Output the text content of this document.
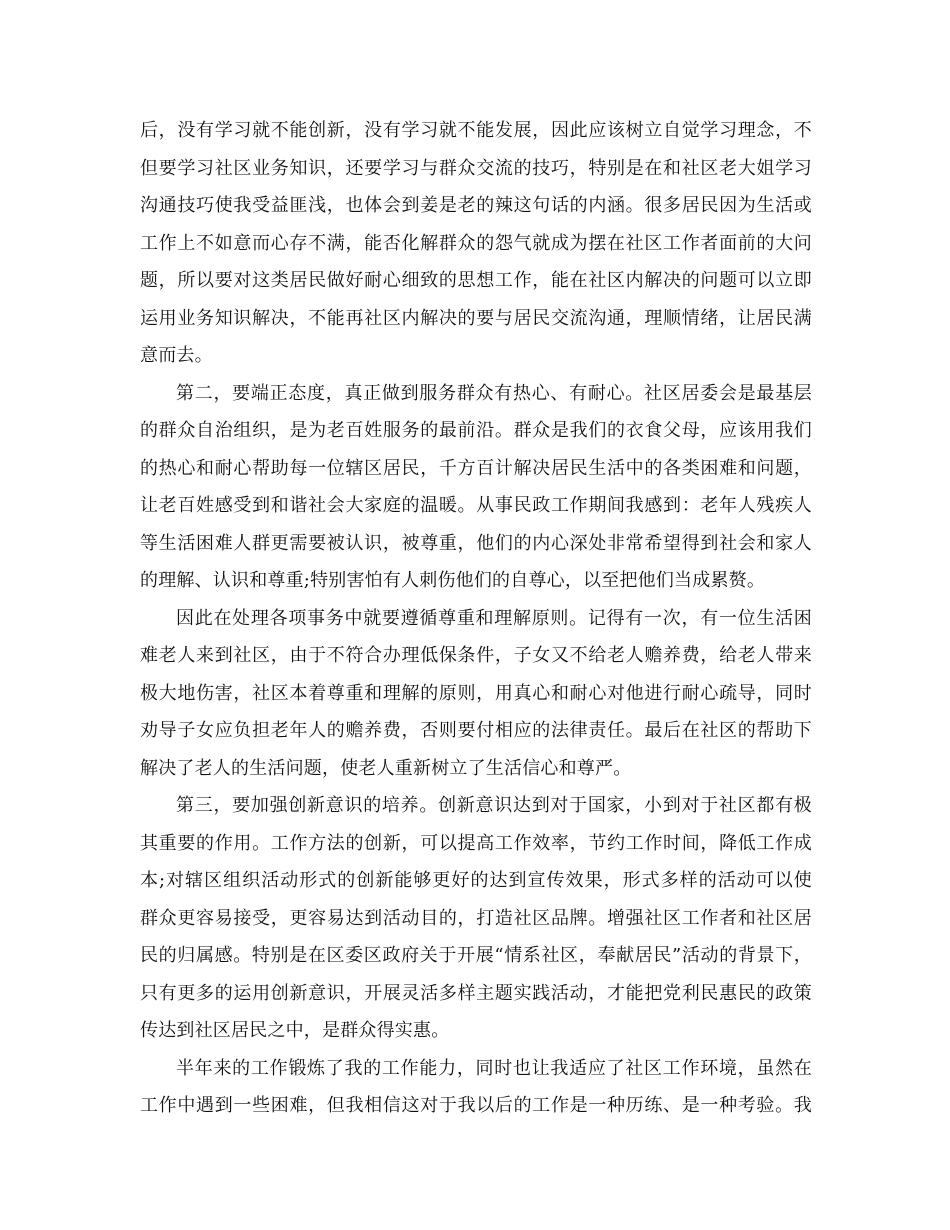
后，没有学习就不能创新，没有学习就不能发展，因此应该树立自觉学习理念，不
但要学习社区业务知识，还要学习与群众交流的技巧，特别是在和社区老大姐学习
沟通技巧使我受益匪浅，也体会到姜是老的辣这句话的内涵。很多居民因为生活或
工作上不如意而心存不满，能否化解群众的怨气就成为摆在社区工作者面前的大问
题，所以要对这类居民做好耐心细致的思想工作，能在社区内解决的问题可以立即
运用业务知识解决，不能再社区内解决的要与居民交流沟通，理顺情绪，让居民满
意而去。
第二，要端正态度，真正做到服务群众有热心、有耐心。社区居委会是最基层
的群众自治组织，是为老百姓服务的最前沿。群众是我们的衣食父母，应该用我们
的热心和耐心帮助每一位辖区居民，千方百计解决居民生活中的各类困难和问题，
让老百姓感受到和谐社会大家庭的温暖。从事民政工作期间我感到：老年人残疾人
等生活困难人群更需要被认识，被尊重，他们的内心深处非常希望得到社会和家人
的理解、认识和尊重;特别害怕有人刺伤他们的自尊心，以至把他们当成累赘。
因此在处理各项事务中就要遵循尊重和理解原则。记得有一次，有一位生活困
难老人来到社区，由于不符合办理低保条件，子女又不给老人赡养费，给老人带来
极大地伤害，社区本着尊重和理解的原则，用真心和耐心对他进行耐心疏导，同时
劝导子女应负担老年人的赡养费，否则要付相应的法律责任。最后在社区的帮助下
解决了老人的生活问题，使老人重新树立了生活信心和尊严。
第三，要加强创新意识的培养。创新意识达到对于国家，小到对于社区都有极
其重要的作用。工作方法的创新，可以提高工作效率，节约工作时间，降低工作成
本;对辖区组织活动形式的创新能够更好的达到宣传效果，形式多样的活动可以使
群众更容易接受，更容易达到活动目的，打造社区品牌。增强社区工作者和社区居
民的归属感。特别是在区委区政府关于开展“情系社区，奉献居民”活动的背景下，
只有更多的运用创新意识，开展灵活多样主题实践活动，才能把党利民惠民的政策
传达到社区居民之中，是群众得实惠。
半年来的工作锻炼了我的工作能力，同时也让我适应了社区工作环境，虽然在
工作中遇到一些困难，但我相信这对于我以后的工作是一种历练、是一种考验。我
